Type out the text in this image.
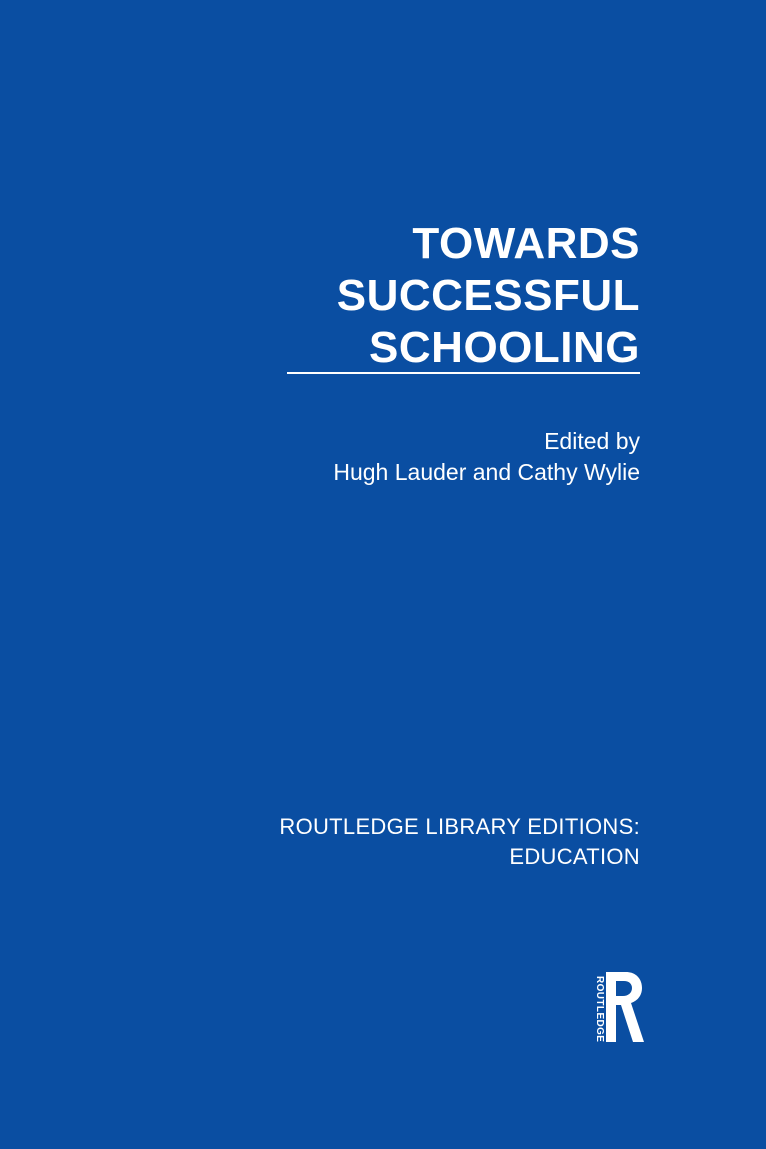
TOWARDS
SUCCESSFUL
SCHOOLING
Edited by
Hugh Lauder and Cathy Wylie
ROUTLEDGE LIBRARY EDITIONS:
EDUCATION
ROUTLEDGE
